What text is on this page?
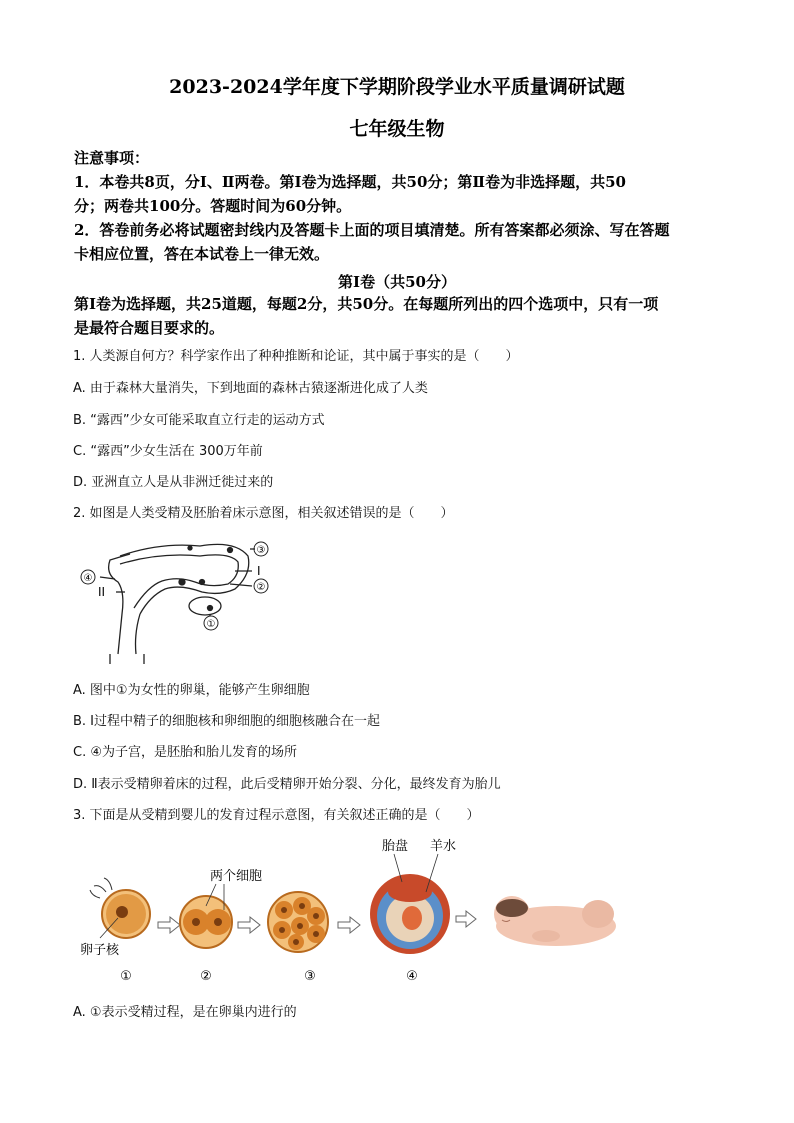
2023-2024学年度下学期阶段学业水平质量调研试题
七年级生物
注意事项：
1．本卷共8页，分Ⅰ、Ⅱ两卷。第Ⅰ卷为选择题，共50分；第Ⅱ卷为非选择题，共50
分；两卷共100分。答题时间为60分钟。
2．答卷前务必将试题密封线内及答题卡上面的项目填清楚。所有答案都必须涂、写在答题
卡相应位置，答在本试卷上一律无效。
第Ⅰ卷（共50分）
第Ⅰ卷为选择题，共25道题，每题2分，共50分。在每题所列出的四个选项中，只有一项
是最符合题目要求的。
1. 人类源自何方？科学家作出了种种推断和论证，其中属于事实的是（　　）
A. 由于森林大量消失，下到地面的森林古猿逐渐进化成了人类
B. “露西”少女可能采取直立行走的运动方式
C. “露西”少女生活在 300万年前
D. 亚洲直立人是从非洲迁徙过来的
2. 如图是人类受精及胚胎着床示意图，相关叙述错误的是（　　）
③
②
①
④
I
II
A. 图中①为女性的卵巢，能够产生卵细胞
B. I过程中精子的细胞核和卵细胞的细胞核融合在一起
C. ④为子宫，是胚胎和胎儿发育的场所
D. Ⅱ表示受精卵着床的过程，此后受精卵开始分裂、分化，最终发育为胎儿
3. 下面是从受精到婴儿的发育过程示意图，有关叙述正确的是（　　）
卵子核
①
两个细胞
②	③
胎盘 羊水
④
A. ①表示受精过程，是在卵巢内进行的
